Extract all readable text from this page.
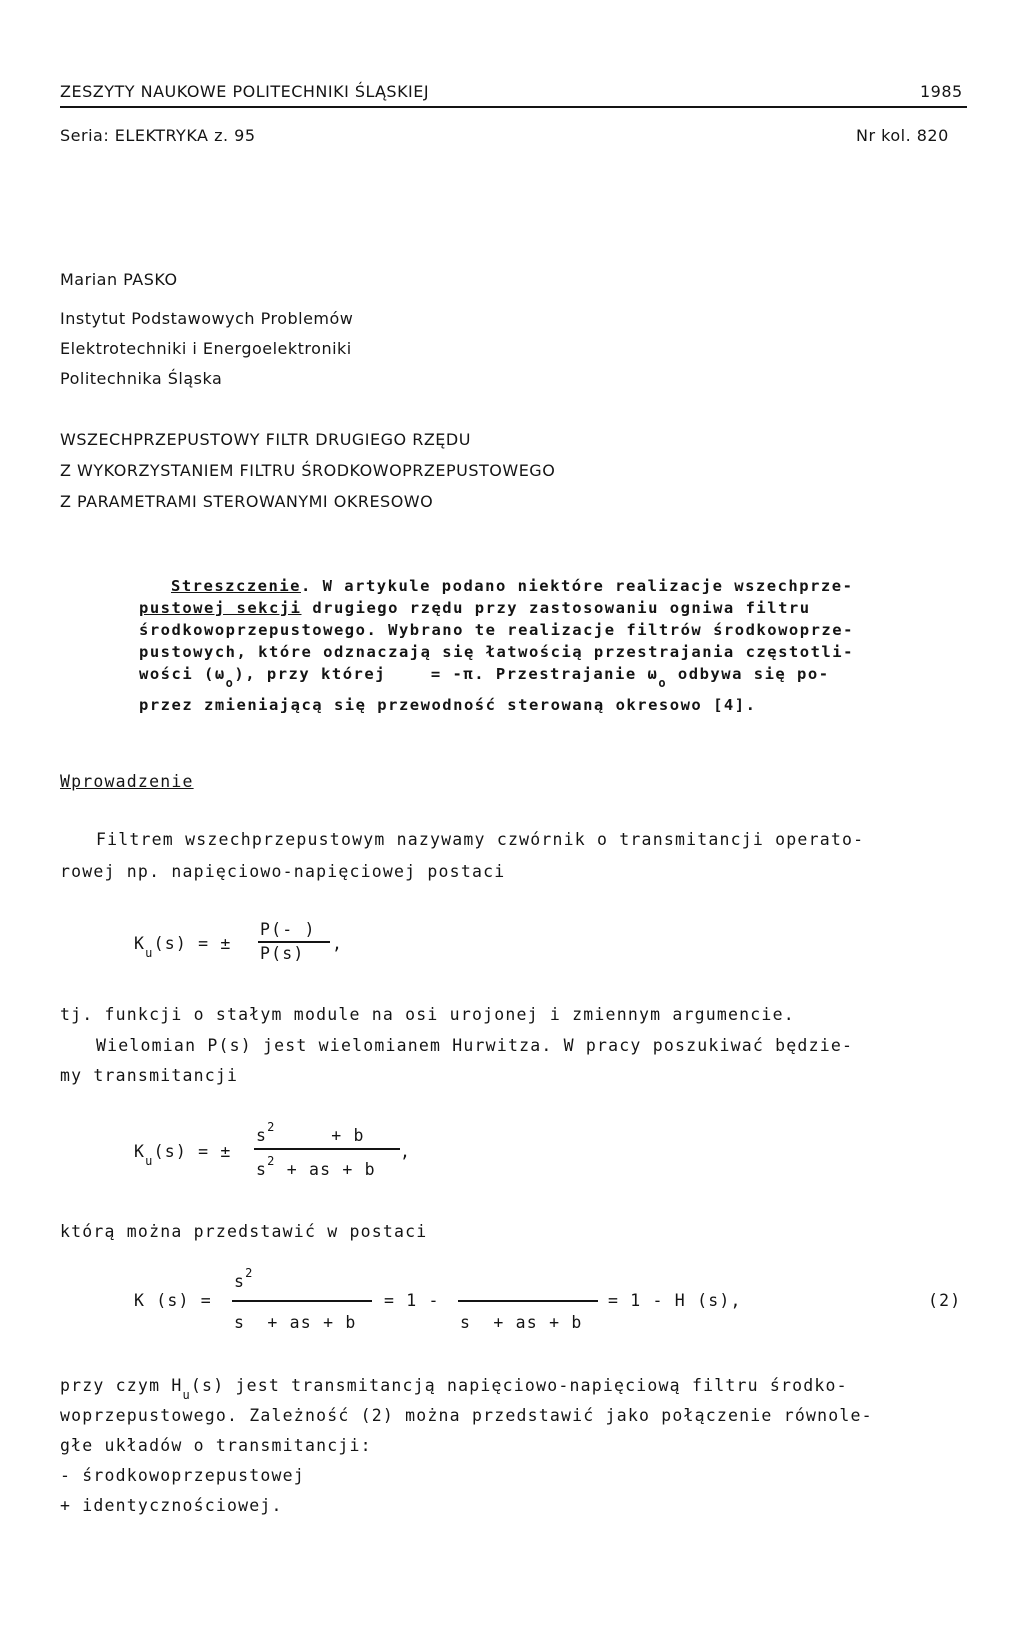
ZESZYTY NAUKOWE POLITECHNIKI ŚLĄSKIEJ	1985
Seria: ELEKTRYKA z. 95	Nr kol. 820
Marian PASKO
Instytut Podstawowych Problemów
Elektrotechniki i Energoelektroniki
Politechnika Śląska
WSZECHPRZEPUSTOWY FILTR DRUGIEGO RZĘDU
Z WYKORZYSTANIEM FILTRU ŚRODKOWOPRZEPUSTOWEGO
Z PARAMETRAMI STEROWANYMI OKRESOWO
Streszczenie. W artykule podano niektóre realizacje wszechprze-
pustowej sekcji drugiego rzędu przy zastosowaniu ogniwa filtru
środkowoprzepustowego. Wybrano te realizacje filtrów środkowoprze-
pustowych, które odznaczają się łatwością przestrajania częstotli-
wości $(\omega_o)$, przy której = -π. Przestrajanie $\omega_o$ odbywa się po-
przez zmieniającą się przewodność sterowaną okresowo [4].
Wprowadzenie
Filtrem wszechprzepustowym nazywamy czwórnik o transmitancji operato-
rowej np. napięciowo-napięciowej postaci
$K_u(s)$ = ±
P(- )
P(s)
,
tj. funkcji o stałym module na osi urojonej i zmiennym argumencie.
Wielomian P(s) jest wielomianem Hurwitza. W pracy poszukiwać będzie-
my transmitancji
$K_u(s)$ = ±
$s^2$     + b
$s^2$ + as + b
,
którą można przedstawić w postaci
K (s) =
$s^2$
s  + as + b
= 1 -
s  + as + b
= 1 - H (s),	(2)
przy czym $H_u(s)$ jest transmitancją napięciowo-napięciową filtru środko-
woprzepustowego. Zależność (2) można przedstawić jako połączenie równole-
głe układów o transmitancji:
- środkowoprzepustowej
+ identycznościowej.
